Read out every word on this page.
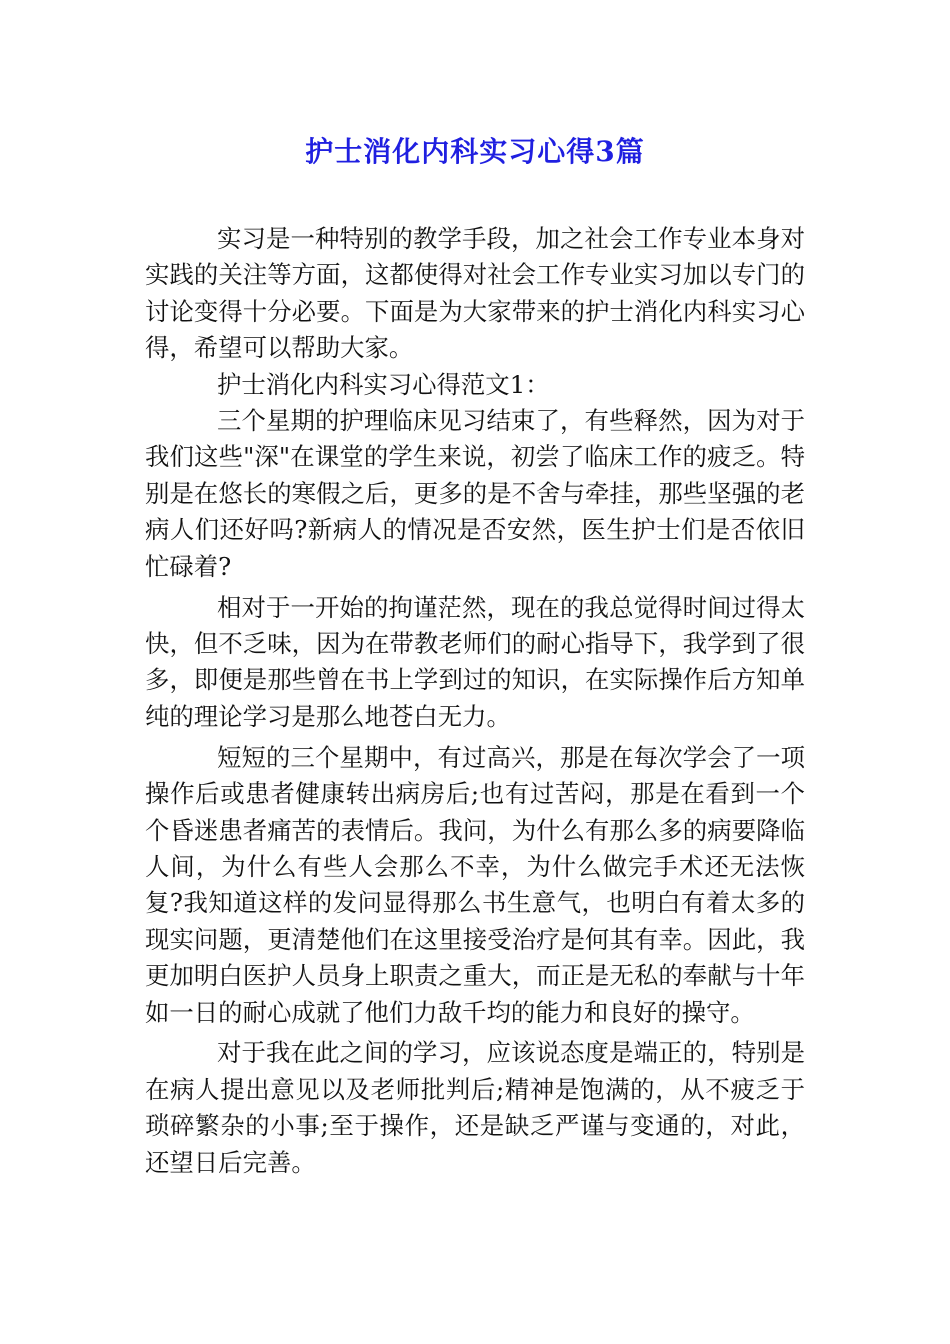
护士消化内科实习心得3篇

实习是一种特别的教学手段，加之社会工作专业本身对实践的关注等方面，这都使得对社会工作专业实习加以专门的讨论变得十分必要。下面是为大家带来的护士消化内科实习心得，希望可以帮助大家。

护士消化内科实习心得范文1：

三个星期的护理临床见习结束了，有些释然，因为对于我们这些"深"在课堂的学生来说，初尝了临床工作的疲乏。特别是在悠长的寒假之后，更多的是不舍与牵挂，那些坚强的老病人们还好吗?新病人的情况是否安然，医生护士们是否依旧忙碌着?

相对于一开始的拘谨茫然，现在的我总觉得时间过得太快，但不乏味，因为在带教老师们的耐心指导下，我学到了很多，即便是那些曾在书上学到过的知识，在实际操作后方知单纯的理论学习是那么地苍白无力。

短短的三个星期中，有过高兴，那是在每次学会了一项操作后或患者健康转出病房后;也有过苦闷，那是在看到一个个昏迷患者痛苦的表情后。我问，为什么有那么多的病要降临人间，为什么有些人会那么不幸，为什么做完手术还无法恢复?我知道这样的发问显得那么书生意气，也明白有着太多的现实问题，更清楚他们在这里接受治疗是何其有幸。因此，我更加明白医护人员身上职责之重大，而正是无私的奉献与十年如一日的耐心成就了他们力敌千均的能力和良好的操守。

对于我在此之间的学习，应该说态度是端正的，特别是在病人提出意见以及老师批判后;精神是饱满的，从不疲乏于琐碎繁杂的小事;至于操作，还是缺乏严谨与变通的，对此，还望日后完善。
